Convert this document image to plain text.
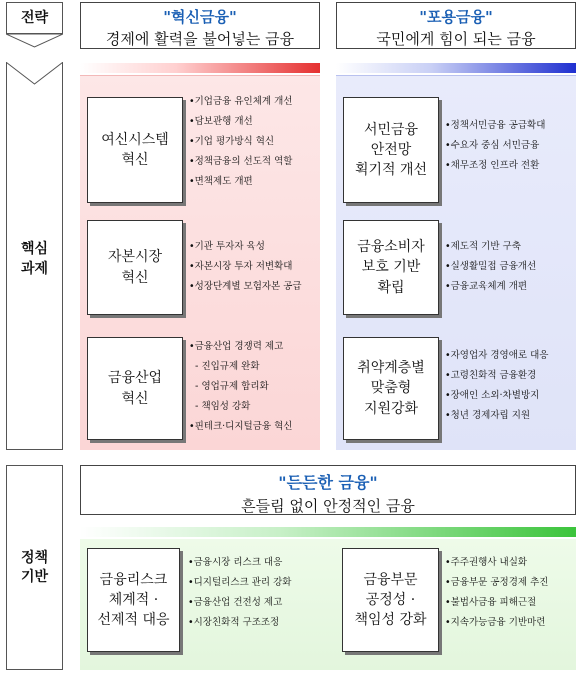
전략
핵심
과제
정책
기반
"혁신금융"
경제에 활력을 불어넣는 금융
"포용금융"
국민에게 힘이 되는 금융
여신시스템
혁신
• 기업금융 유인체계 개선
• 담보관행 개선
• 기업 평가방식 혁신
• 정책금융의 선도적 역할
• 면책제도 개편
자본시장
혁신
• 기관 투자자 육성
• 자본시장 투자 저변확대
• 성장단계별 모험자본 공급
금융산업
혁신
• 금융산업 경쟁력 제고
- 진입규제 완화
- 영업규제 합리화
- 책임성 강화
• 핀테크·디지털금융 혁신
서민금융
안전망
획기적 개선
• 정책서민금융 공급확대
• 수요자 중심 서민금융
• 채무조정 인프라 전환
금융소비자
보호 기반
확립
• 제도적 기반 구축
• 실생활밀접 금융개선
• 금융교육체계 개편
취약계층별
맞춤형
지원강화
• 자영업자 경영애로 대응
• 고령친화적 금융환경
• 장애인 소외·차별방지
• 청년 경제자립 지원
"든든한 금융"
흔들림 없이 안정적인 금융
금융리스크
체계적 ·
선제적 대응
• 금융시장 리스크 대응
• 디지털리스크 관리 강화
• 금융산업 건전성 제고
• 시장친화적 구조조정
금융부문
공정성 ·
책임성 강화
• 주주권행사 내실화
• 금융부문 공정경제 추진
• 불법사금융 피해근절
• 지속가능금융 기반마련
